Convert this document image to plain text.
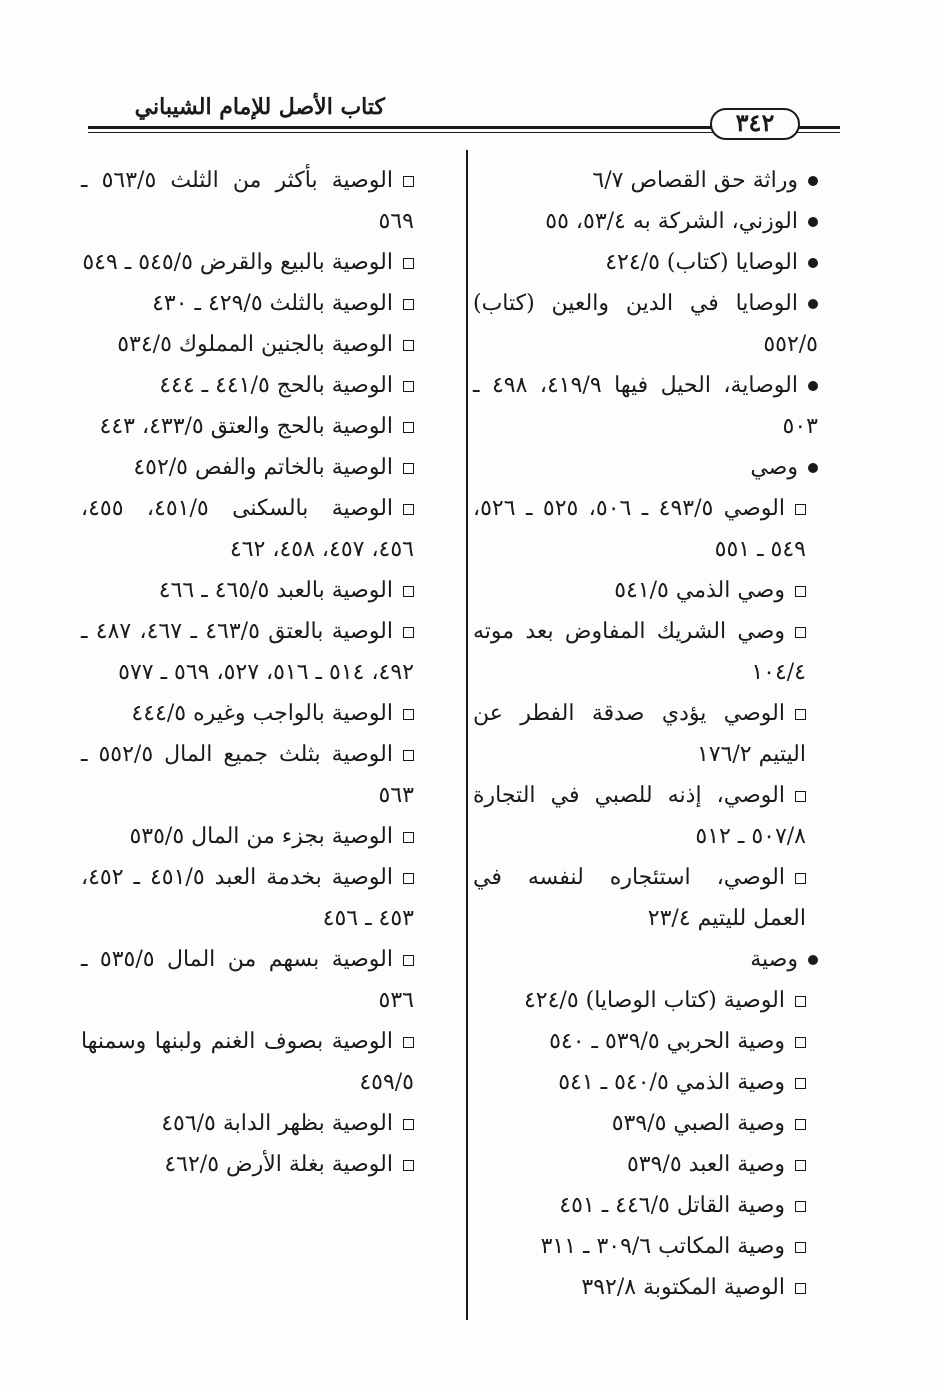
كتاب الأصل للإمام الشيباني
٣٤٢
وراثة حق القصاص ٦/٧
الوزني، الشركة به ٥٣/٤، ٥٥
الوصايا (كتاب) ٤٢٤/٥
الوصايا في الدين والعين (كتاب) ٥٥٢/٥
الوصاية، الحيل فيها ٤١٩/٩، ٤٩٨ ـ ٥٠٣
وصي
الوصي ٤٩٣/٥ ـ ٥٠٦، ٥٢٥ ـ ٥٢٦، ٥٤٩ ـ ٥٥١
وصي الذمي ٥٤١/٥
وصي الشريك المفاوض بعد موته ١٠٤/٤
الوصي يؤدي صدقة الفطر عن اليتيم ١٧٦/٢
الوصي، إذنه للصبي في التجارة ٥٠٧/٨ ـ ٥١٢
الوصي، استئجاره لنفسه في العمل لليتيم ٢٣/٤
وصية
الوصية (كتاب الوصايا) ٤٢٤/٥
وصية الحربي ٥٣٩/٥ ـ ٥٤٠
وصية الذمي ٥٤٠/٥ ـ ٥٤١
وصية الصبي ٥٣٩/٥
وصية العبد ٥٣٩/٥
وصية القاتل ٤٤٦/٥ ـ ٤٥١
وصية المكاتب ٣٠٩/٦ ـ ٣١١
الوصية المكتوبة ٣٩٢/٨
الوصية بأكثر من الثلث ٥٦٣/٥ ـ ٥٦٩
الوصية بالبيع والقرض ٥٤٥/٥ ـ ٥٤٩
الوصية بالثلث ٤٢٩/٥ ـ ٤٣٠
الوصية بالجنين المملوك ٥٣٤/٥
الوصية بالحج ٤٤١/٥ ـ ٤٤٤
الوصية بالحج والعتق ٤٣٣/٥، ٤٤٣
الوصية بالخاتم والفص ٤٥٢/٥
الوصية بالسكنى ٤٥١/٥، ٤٥٥، ٤٥٦، ٤٥٧، ٤٥٨، ٤٦٢
الوصية بالعبد ٤٦٥/٥ ـ ٤٦٦
الوصية بالعتق ٤٦٣/٥ ـ ٤٦٧، ٤٨٧ ـ ٤٩٢، ٥١٤ ـ ٥١٦، ٥٢٧، ٥٦٩ ـ ٥٧٧
الوصية بالواجب وغيره ٤٤٤/٥
الوصية بثلث جميع المال ٥٥٢/٥ ـ ٥٦٣
الوصية بجزء من المال ٥٣٥/٥
الوصية بخدمة العبد ٤٥١/٥ ـ ٤٥٢، ٤٥٣ ـ ٤٥٦
الوصية بسهم من المال ٥٣٥/٥ ـ ٥٣٦
الوصية بصوف الغنم ولبنها وسمنها ٤٥٩/٥
الوصية بظهر الدابة ٤٥٦/٥
الوصية بغلة الأرض ٤٦٢/٥
